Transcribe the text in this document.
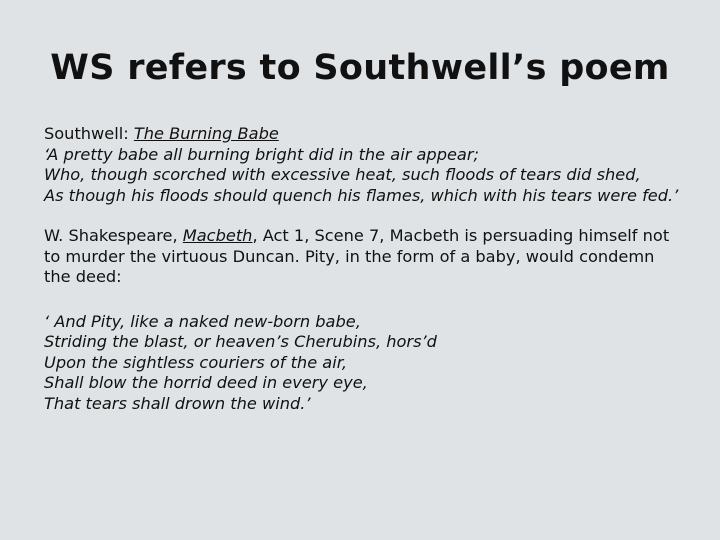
WS refers to Southwell’s poem
Southwell: The Burning Babe
‘A pretty babe all burning bright did in the air appear;
Who, though scorched with excessive heat, such floods of tears did shed,
As though his floods should quench his flames, which with his tears were fed.’
W. Shakespeare, Macbeth, Act 1, Scene 7, Macbeth is persuading himself not to murder the virtuous Duncan. Pity, in the form of a baby, would condemn the deed:
‘ And Pity, like a naked new-born babe,
Striding the blast, or heaven’s Cherubins, hors’d
Upon the sightless couriers of the air,
Shall blow the horrid deed in every eye,
That tears shall drown the wind.’
